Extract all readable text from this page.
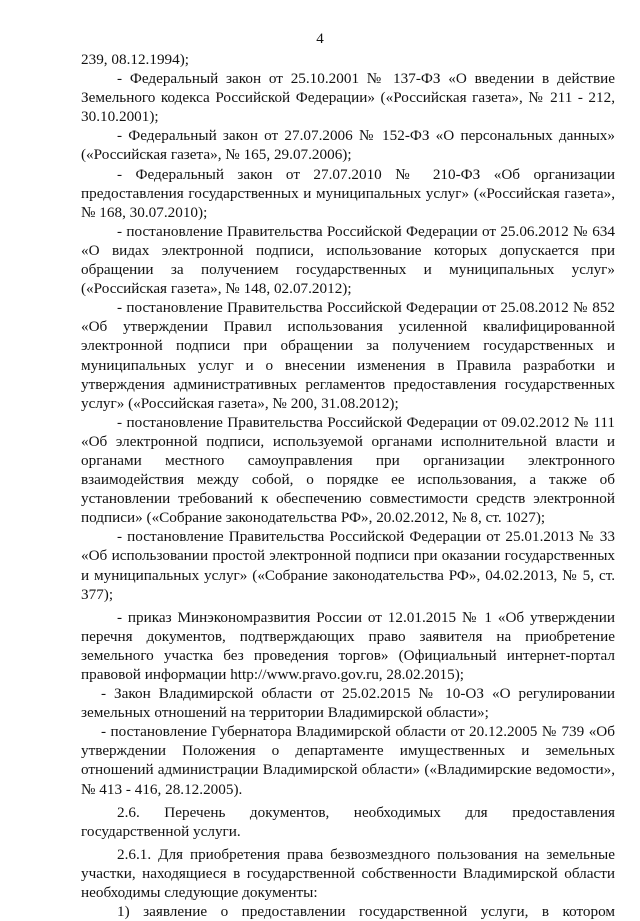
4

239, 08.12.1994);

- Федеральный закон от 25.10.2001 № 137-ФЗ «О введении в действие Земельного кодекса Российской Федерации» («Российская газета», № 211 - 212, 30.10.2001);

- Федеральный закон от 27.07.2006 № 152-ФЗ «О персональных данных» («Российская газета», № 165, 29.07.2006);

- Федеральный закон от 27.07.2010 № 210-ФЗ «Об организации предоставления государственных и муниципальных услуг» («Российская газета», № 168, 30.07.2010);

- постановление Правительства Российской Федерации от 25.06.2012 № 634 «О видах электронной подписи, использование которых допускается при обращении за получением государственных и муниципальных услуг» («Российская газета», № 148, 02.07.2012);

- постановление Правительства Российской Федерации от 25.08.2012 № 852 «Об утверждении Правил использования усиленной квалифицированной электронной подписи при обращении за получением государственных и муниципальных услуг и о внесении изменения в Правила разработки и утверждения административных регламентов предоставления государственных услуг» («Российская газета», № 200, 31.08.2012);

- постановление Правительства Российской Федерации от 09.02.2012 № 111 «Об электронной подписи, используемой органами исполнительной власти и органами местного самоуправления при организации электронного взаимодействия между собой, о порядке ее использования, а также об установлении требований к обеспечению совместимости средств электронной подписи» («Собрание законодательства РФ», 20.02.2012, № 8, ст. 1027);

- постановление Правительства Российской Федерации от 25.01.2013 № 33 «Об использовании простой электронной подписи при оказании государственных и муниципальных услуг» («Собрание законодательства РФ», 04.02.2013, № 5, ст. 377);

- приказ Минэкономразвития России от 12.01.2015 № 1 «Об утверждении перечня документов, подтверждающих право заявителя на приобретение земельного участка без проведения торгов» (Официальный интернет-портал правовой информации http://www.pravo.gov.ru, 28.02.2015);

- Закон Владимирской области от 25.02.2015 № 10-ОЗ «О регулировании земельных отношений на территории Владимирской области»;

- постановление Губернатора Владимирской области от 20.12.2005 № 739 «Об утверждении Положения о департаменте имущественных и земельных отношений администрации Владимирской области» («Владимирские ведомости», № 413 - 416, 28.12.2005).

2.6. Перечень документов, необходимых для предоставления государственной услуги.

2.6.1. Для приобретения права безвозмездного пользования на земельные участки, находящиеся в государственной собственности Владимирской области необходимы следующие документы:

1) заявление о предоставлении государственной услуги, в котором
